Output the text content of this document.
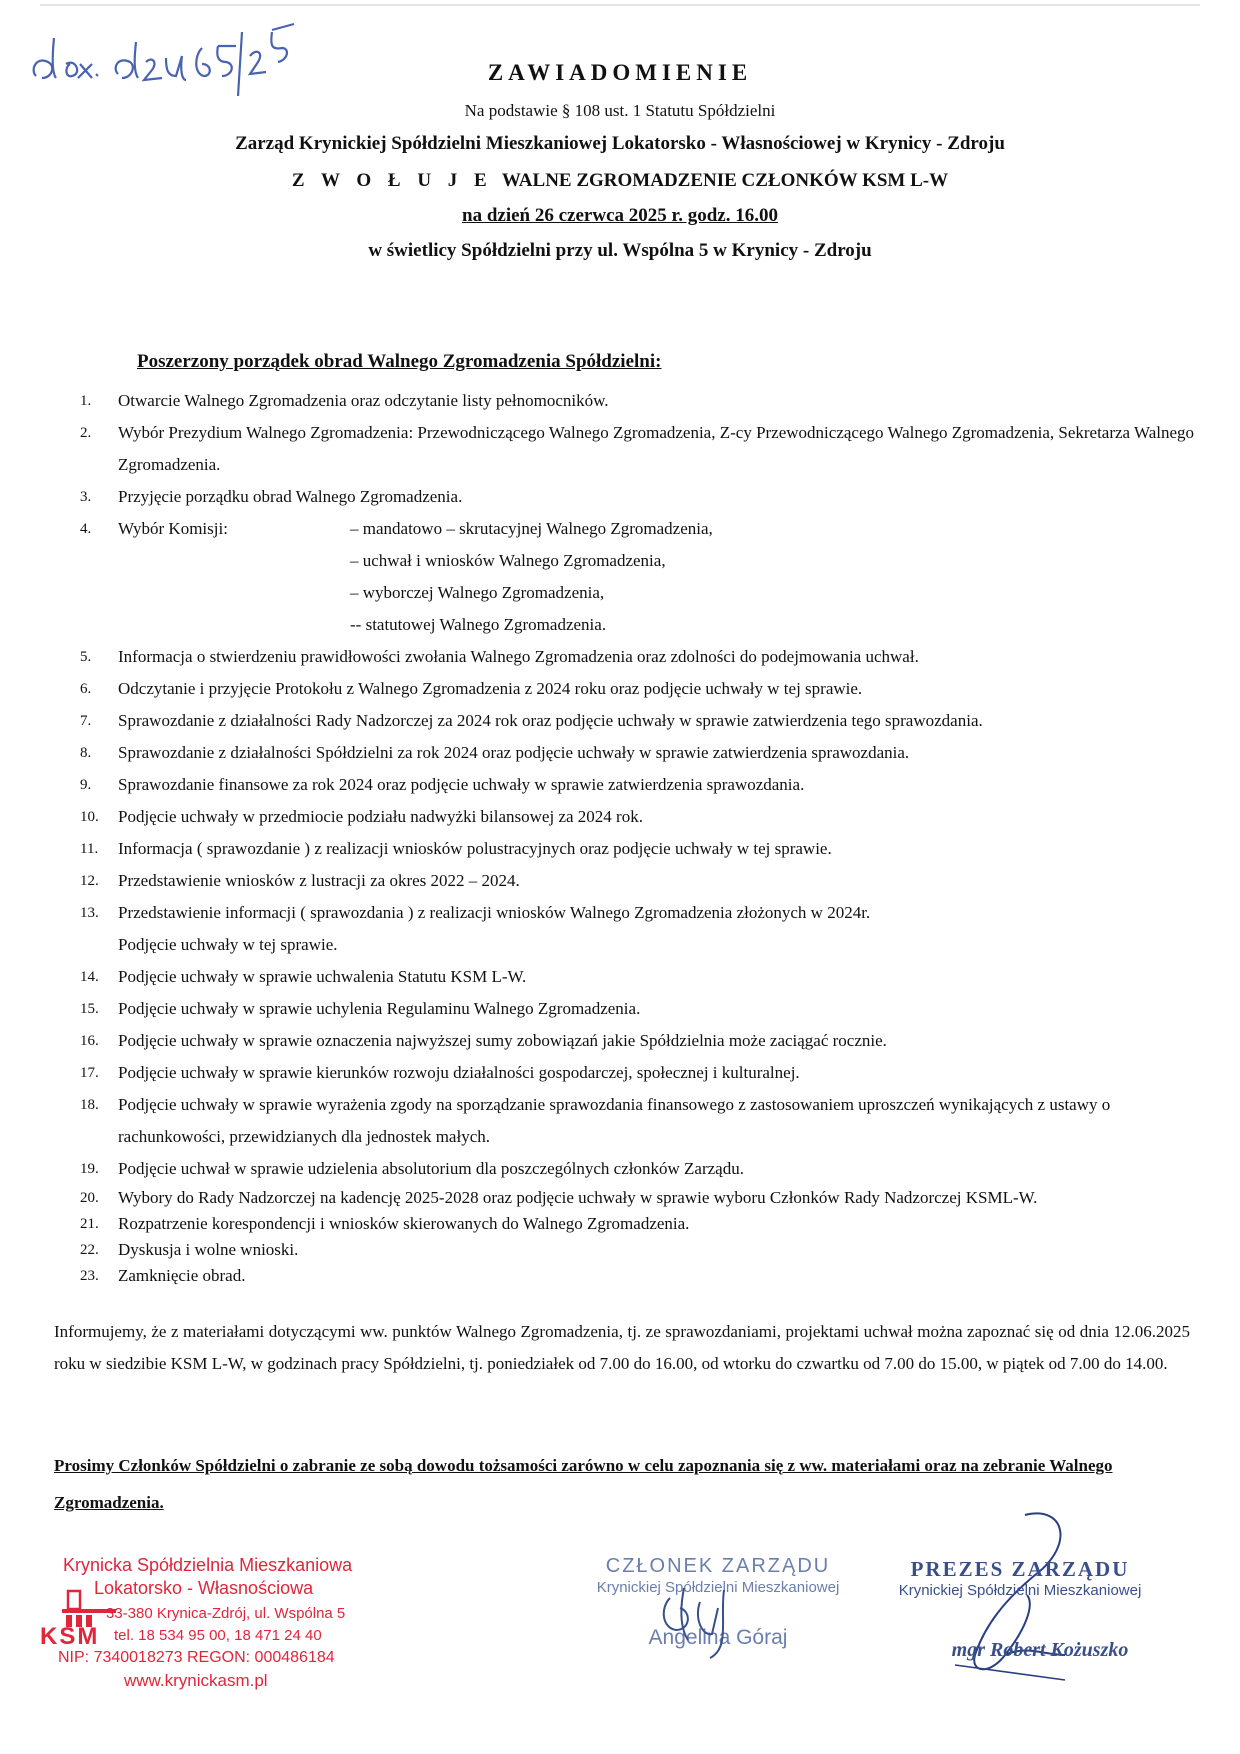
ZAWIADOMIENIE
Na podstawie § 108 ust. 1 Statutu Spółdzielni
Zarząd Krynickiej Spółdzielni Mieszkaniowej Lokatorsko - Własnościowej w Krynicy - Zdroju
Z W O Ł U J E WALNE ZGROMADZENIE CZŁONKÓW KSM L-W
na dzień 26 czerwca 2025 r. godz. 16.00
w świetlicy Spółdzielni przy ul. Wspólna 5 w Krynicy - Zdroju
Poszerzony porządek obrad Walnego Zgromadzenia Spółdzielni:
1.	Otwarcie Walnego Zgromadzenia oraz odczytanie listy pełnomocników.
2.	Wybór Prezydium Walnego Zgromadzenia: Przewodniczącego Walnego Zgromadzenia, Z-cy Przewodniczącego Walnego Zgromadzenia, Sekretarza Walnego Zgromadzenia.
3.	Przyjęcie porządku obrad Walnego Zgromadzenia.
4.	Wybór Komisji:	– mandatowo – skrutacyjnej Walnego Zgromadzenia,
– uchwał i wniosków Walnego Zgromadzenia,
– wyborczej Walnego Zgromadzenia,
-- statutowej Walnego Zgromadzenia.
5.	Informacja o stwierdzeniu prawidłowości zwołania Walnego Zgromadzenia oraz zdolności do podejmowania uchwał.
6.	Odczytanie i przyjęcie Protokołu z Walnego Zgromadzenia z 2024 roku oraz podjęcie uchwały w tej sprawie.
7.	Sprawozdanie z działalności Rady Nadzorczej za 2024 rok oraz podjęcie uchwały w sprawie zatwierdzenia tego sprawozdania.
8.	Sprawozdanie z działalności Spółdzielni za rok 2024 oraz podjęcie uchwały w sprawie zatwierdzenia sprawozdania.
9.	Sprawozdanie finansowe za rok 2024 oraz podjęcie uchwały w sprawie zatwierdzenia sprawozdania.
10.	Podjęcie uchwały w przedmiocie podziału nadwyżki bilansowej za 2024 rok.
11.	Informacja ( sprawozdanie ) z realizacji wniosków polustracyjnych oraz podjęcie uchwały w tej sprawie.
12.	Przedstawienie wniosków z lustracji za okres 2022 – 2024.
13.	Przedstawienie informacji ( sprawozdania ) z realizacji wniosków Walnego Zgromadzenia złożonych w 2024r.
Podjęcie uchwały w tej sprawie.
14.	Podjęcie uchwały w sprawie uchwalenia Statutu KSM L-W.
15.	Podjęcie uchwały w sprawie uchylenia Regulaminu Walnego Zgromadzenia.
16.	Podjęcie uchwały w sprawie oznaczenia najwyższej sumy zobowiązań jakie Spółdzielnia może zaciągać rocznie.
17.	Podjęcie uchwały w sprawie kierunków rozwoju działalności gospodarczej, społecznej i kulturalnej.
18.	Podjęcie uchwały w sprawie wyrażenia zgody na sporządzanie sprawozdania finansowego z zastosowaniem uproszczeń wynikających z ustawy o rachunkowości, przewidzianych dla jednostek małych.
19.	Podjęcie uchwał w sprawie udzielenia absolutorium dla poszczególnych członków Zarządu.
20.	Wybory do Rady Nadzorczej na kadencję 2025-2028 oraz podjęcie uchwały w sprawie wyboru Członków Rady Nadzorczej KSML-W.
21.	Rozpatrzenie korespondencji i wniosków skierowanych do Walnego Zgromadzenia.
22.	Dyskusja i wolne wnioski.
23.	Zamknięcie obrad.
Informujemy, że z materiałami dotyczącymi ww. punktów Walnego Zgromadzenia, tj. ze sprawozdaniami, projektami uchwał można zapoznać się od dnia 12.06.2025 roku w siedzibie KSM L-W, w godzinach pracy Spółdzielni, tj. poniedziałek od 7.00 do 16.00, od wtorku do czwartku od 7.00 do 15.00, w piątek od 7.00 do 14.00.
Prosimy Członków Spółdzielni o zabranie ze sobą dowodu tożsamości zarówno w celu zapoznania się z ww. materiałami oraz na zebranie Walnego Zgromadzenia.
Krynicka Spółdzielnia Mieszkaniowa
Lokatorsko - Własnościowa
33-380 Krynica-Zdrój, ul. Wspólna 5
KSM tel. 18 534 95 00, 18 471 24 40
NIP: 7340018273 REGON: 000486184
www.krynickasm.pl
CZŁONEK ZARZĄDU
Krynickiej Spółdzielni Mieszkaniowej
Angelina Góraj
PREZES ZARZĄDU
Krynickiej Spółdzielni Mieszkaniowej
mgr Robert Kożuszko
